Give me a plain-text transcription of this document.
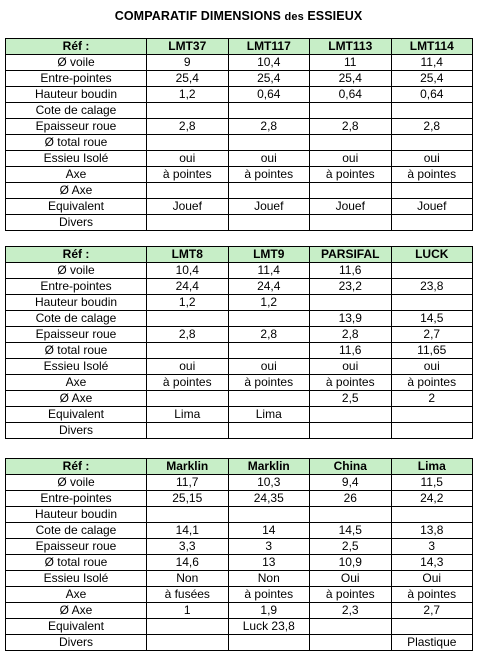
COMPARATIF DIMENSIONS des ESSIEUX
Réf :	LMT37	LMT117	LMT113	LMT114
Ø voile	9	10,4	11	11,4
Entre-pointes	25,4	25,4	25,4	25,4
Hauteur boudin	1,2	0,64	0,64	0,64
Cote de calage				
Epaisseur roue	2,8	2,8	2,8	2,8
Ø total roue				
Essieu Isolé	oui	oui	oui	oui
Axe	à pointes	à pointes	à pointes	à pointes
Ø Axe				
Equivalent	Jouef	Jouef	Jouef	Jouef
Divers				
Réf :	LMT8	LMT9	PARSIFAL	LUCK
Ø voile	10,4	11,4	11,6	
Entre-pointes	24,4	24,4	23,2	23,8
Hauteur boudin	1,2	1,2		
Cote de calage			13,9	14,5
Epaisseur roue	2,8	2,8	2,8	2,7
Ø total roue			11,6	11,65
Essieu Isolé	oui	oui	oui	oui
Axe	à pointes	à pointes	à pointes	à pointes
Ø Axe			2,5	2
Equivalent	Lima	Lima		
Divers				
Réf :	Marklin	Marklin	China	Lima
Ø voile	11,7	10,3	9,4	11,5
Entre-pointes	25,15	24,35	26	24,2
Hauteur boudin				
Cote de calage	14,1	14	14,5	13,8
Epaisseur roue	3,3	3	2,5	3
Ø total roue	14,6	13	10,9	14,3
Essieu Isolé	Non	Non	Oui	Oui
Axe	à fusées	à pointes	à pointes	à pointes
Ø Axe	1	1,9	2,3	2,7
Equivalent		Luck 23,8		
Divers				Plastique
